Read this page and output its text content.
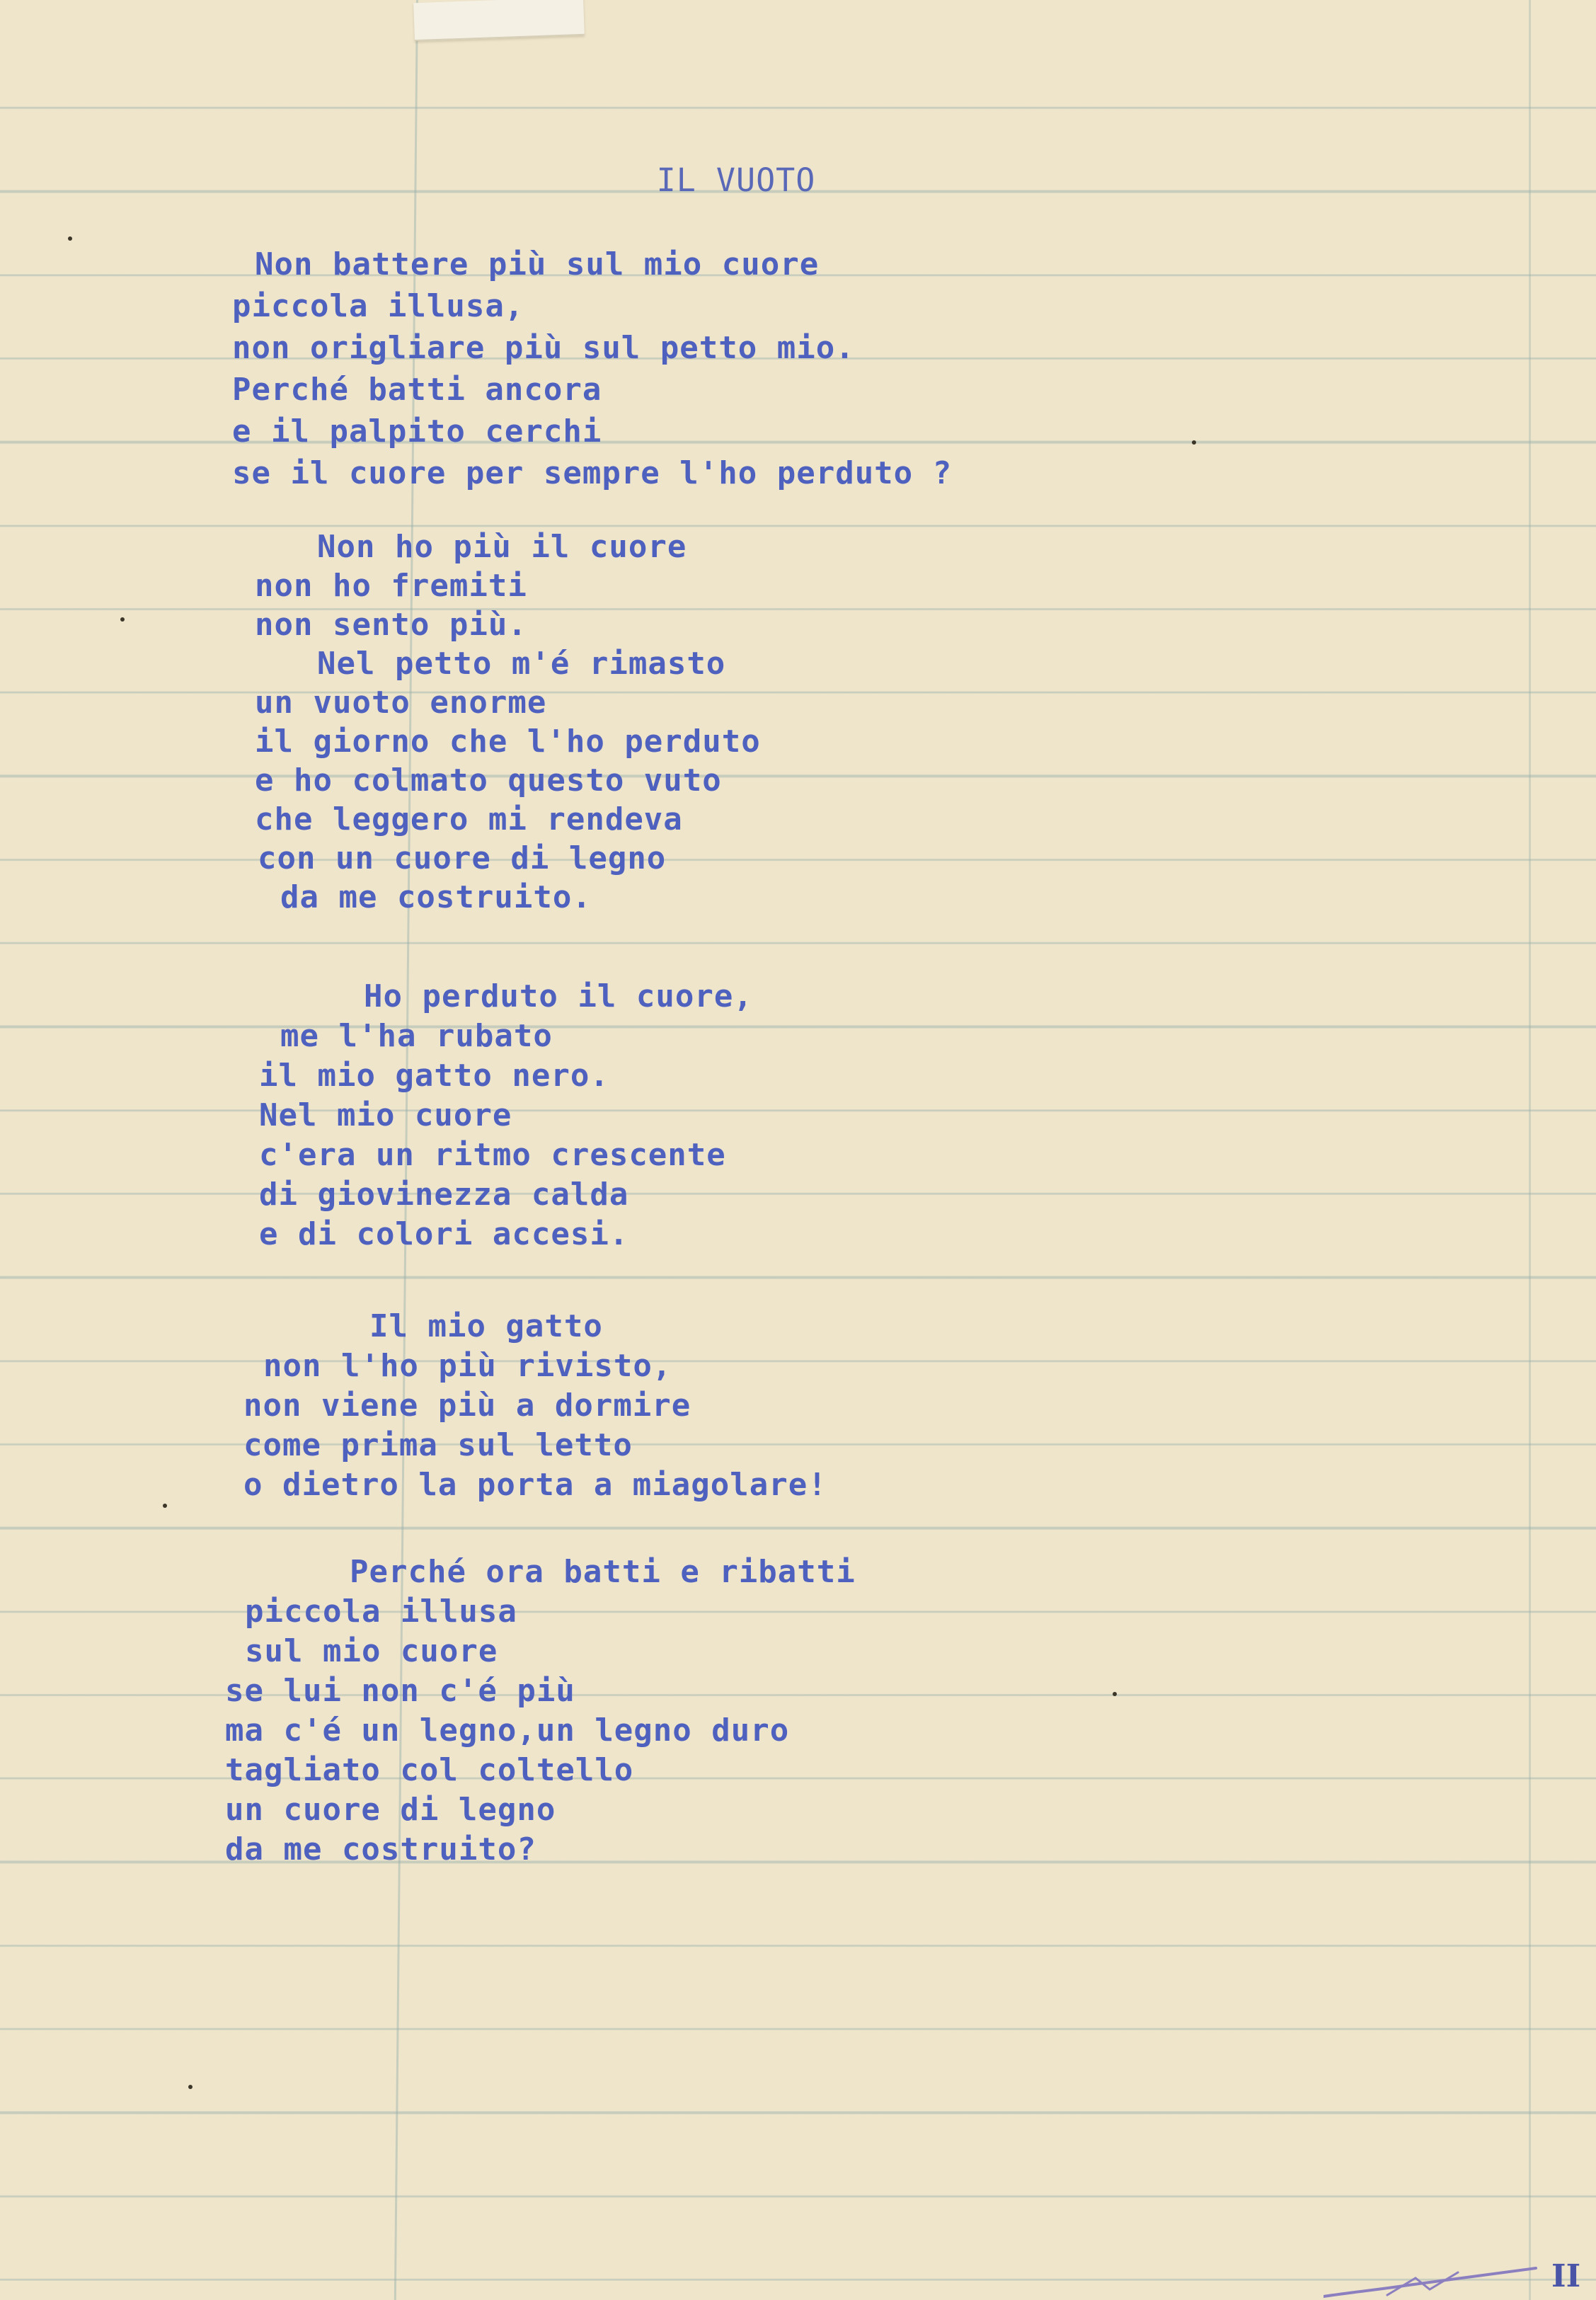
IL VUOTO
Non battere più sul mio cuore
piccola illusa,
non origliare più sul petto mio.
Perché batti ancora
e il palpito cerchi
se il cuore per sempre l'ho perduto ?
Non ho più il cuore
non ho fremiti
non sento più.
Nel petto m'é rimasto
un vuoto enorme
il giorno che l'ho perduto
e ho colmato questo vuto
che leggero mi rendeva
con un cuore di legno
da me costruito.
Ho perduto il cuore,
me l'ha rubato
il mio gatto nero.
Nel mio cuore
c'era un ritmo crescente
di giovinezza calda
e di colori accesi.
Il mio gatto
non l'ho più rivisto,
non viene più a dormire
come prima sul letto
o dietro la porta a miagolare!
Perché ora batti e ribatti
piccola illusa
sul mio cuore
se lui non c'é più
ma c'é un legno,un legno duro
tagliato col coltello
un cuore di legno
da me costruito?
II
